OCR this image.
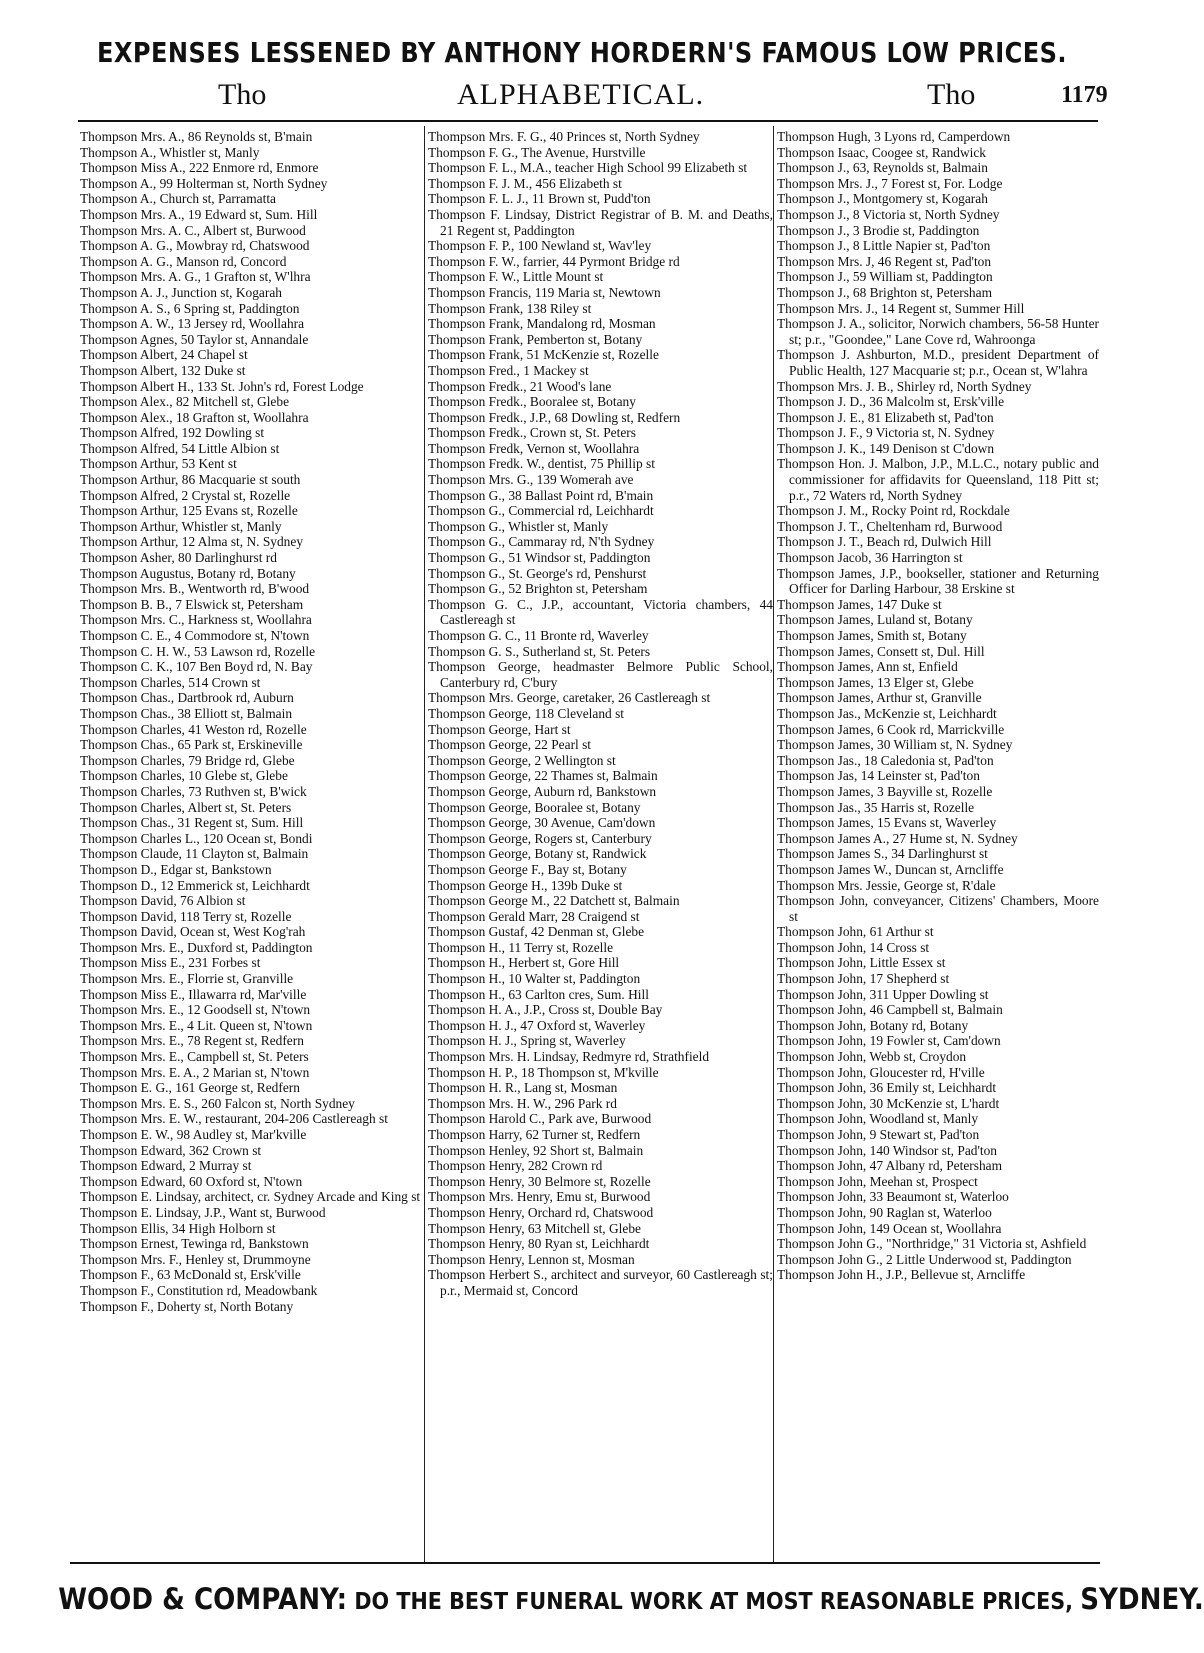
EXPENSES LESSENED BY ANTHONY HORDERN'S FAMOUS LOW PRICES.
Tho	ALPHABETICAL.	Tho	1179

Thompson Mrs. A., 86 Reynolds st, B'main

Thompson A., Whistler st, Manly

Thompson Miss A., 222 Enmore rd, Enmore

Thompson A., 99 Holterman st, North Sydney

Thompson A., Church st, Parramatta

Thompson Mrs. A., 19 Edward st, Sum. Hill

Thompson Mrs. A. C., Albert st, Burwood

Thompson A. G., Mowbray rd, Chatswood

Thompson A. G., Manson rd, Concord

Thompson Mrs. A. G., 1 Grafton st, W'lhra

Thompson A. J., Junction st, Kogarah

Thompson A. S., 6 Spring st, Paddington

Thompson A. W., 13 Jersey rd, Woollahra

Thompson Agnes, 50 Taylor st, Annandale

Thompson Albert, 24 Chapel st

Thompson Albert, 132 Duke st

Thompson Albert H., 133 St. John's rd, Forest Lodge

Thompson Alex., 82 Mitchell st, Glebe

Thompson Alex., 18 Grafton st, Woollahra

Thompson Alfred, 192 Dowling st

Thompson Alfred, 54 Little Albion st

Thompson Arthur, 53 Kent st

Thompson Arthur, 86 Macquarie st south

Thompson Alfred, 2 Crystal st, Rozelle

Thompson Arthur, 125 Evans st, Rozelle

Thompson Arthur, Whistler st, Manly

Thompson Arthur, 12 Alma st, N. Sydney

Thompson Asher, 80 Darlinghurst rd

Thompson Augustus, Botany rd, Botany

Thompson Mrs. B., Wentworth rd, B'wood

Thompson B. B., 7 Elswick st, Petersham

Thompson Mrs. C., Harkness st, Woollahra

Thompson C. E., 4 Commodore st, N'town

Thompson C. H. W., 53 Lawson rd, Rozelle

Thompson C. K., 107 Ben Boyd rd, N. Bay

Thompson Charles, 514 Crown st

Thompson Chas., Dartbrook rd, Auburn

Thompson Chas., 38 Elliott st, Balmain

Thompson Charles, 41 Weston rd, Rozelle

Thompson Chas., 65 Park st, Erskineville

Thompson Charles, 79 Bridge rd, Glebe

Thompson Charles, 10 Glebe st, Glebe

Thompson Charles, 73 Ruthven st, B'wick

Thompson Charles, Albert st, St. Peters

Thompson Chas., 31 Regent st, Sum. Hill

Thompson Charles L., 120 Ocean st, Bondi

Thompson Claude, 11 Clayton st, Balmain

Thompson D., Edgar st, Bankstown

Thompson D., 12 Emmerick st, Leichhardt

Thompson David, 76 Albion st

Thompson David, 118 Terry st, Rozelle

Thompson David, Ocean st, West Kog'rah

Thompson Mrs. E., Duxford st, Paddington

Thompson Miss E., 231 Forbes st

Thompson Mrs. E., Florrie st, Granville

Thompson Miss E., Illawarra rd, Mar'ville

Thompson Mrs. E., 12 Goodsell st, N'town

Thompson Mrs. E., 4 Lit. Queen st, N'town

Thompson Mrs. E., 78 Regent st, Redfern

Thompson Mrs. E., Campbell st, St. Peters

Thompson Mrs. E. A., 2 Marian st, N'town

Thompson E. G., 161 George st, Redfern

Thompson Mrs. E. S., 260 Falcon st, North Sydney

Thompson Mrs. E. W., restaurant, 204-206 Castlereagh st

Thompson E. W., 98 Audley st, Mar'kville

Thompson Edward, 362 Crown st

Thompson Edward, 2 Murray st

Thompson Edward, 60 Oxford st, N'town

Thompson E. Lindsay, architect, cr. Sydney Arcade and King st

Thompson E. Lindsay, J.P., Want st, Burwood

Thompson Ellis, 34 High Holborn st

Thompson Ernest, Tewinga rd, Bankstown

Thompson Mrs. F., Henley st, Drummoyne

Thompson F., 63 McDonald st, Ersk'ville

Thompson F., Constitution rd, Meadowbank

Thompson F., Doherty st, North Botany

Thompson Mrs. F. G., 40 Princes st, North Sydney

Thompson F. G., The Avenue, Hurstville

Thompson F. L., M.A., teacher High School 99 Elizabeth st

Thompson F. J. M., 456 Elizabeth st

Thompson F. L. J., 11 Brown st, Pudd'ton

Thompson F. Lindsay, District Registrar of B. M. and Deaths, 21 Regent st, Paddington

Thompson F. P., 100 Newland st, Wav'ley

Thompson F. W., farrier, 44 Pyrmont Bridge rd

Thompson F. W., Little Mount st

Thompson Francis, 119 Maria st, Newtown

Thompson Frank, 138 Riley st

Thompson Frank, Mandalong rd, Mosman

Thompson Frank, Pemberton st, Botany

Thompson Frank, 51 McKenzie st, Rozelle

Thompson Fred., 1 Mackey st

Thompson Fredk., 21 Wood's lane

Thompson Fredk., Booralee st, Botany

Thompson Fredk., J.P., 68 Dowling st, Redfern

Thompson Fredk., Crown st, St. Peters

Thompson Fredk, Vernon st, Woollahra

Thompson Fredk. W., dentist, 75 Phillip st

Thompson Mrs. G., 139 Womerah ave

Thompson G., 38 Ballast Point rd, B'main

Thompson G., Commercial rd, Leichhardt

Thompson G., Whistler st, Manly

Thompson G., Cammaray rd, N'th Sydney

Thompson G., 51 Windsor st, Paddington

Thompson G., St. George's rd, Penshurst

Thompson G., 52 Brighton st, Petersham

Thompson G. C., J.P., accountant, Victoria chambers, 44 Castlereagh st

Thompson G. C., 11 Bronte rd, Waverley

Thompson G. S., Sutherland st, St. Peters

Thompson George, headmaster Belmore Public School, Canterbury rd, C'bury

Thompson Mrs. George, caretaker, 26 Castlereagh st

Thompson George, 118 Cleveland st

Thompson George, Hart st

Thompson George, 22 Pearl st

Thompson George, 2 Wellington st

Thompson George, 22 Thames st, Balmain

Thompson George, Auburn rd, Bankstown

Thompson George, Booralee st, Botany

Thompson George, 30 Avenue, Cam'down

Thompson George, Rogers st, Canterbury

Thompson George, Botany st, Randwick

Thompson George F., Bay st, Botany

Thompson George H., 139b Duke st

Thompson George M., 22 Datchett st, Balmain

Thompson Gerald Marr, 28 Craigend st

Thompson Gustaf, 42 Denman st, Glebe

Thompson H., 11 Terry st, Rozelle

Thompson H., Herbert st, Gore Hill

Thompson H., 10 Walter st, Paddington

Thompson H., 63 Carlton cres, Sum. Hill

Thompson H. A., J.P., Cross st, Double Bay

Thompson H. J., 47 Oxford st, Waverley

Thompson H. J., Spring st, Waverley

Thompson Mrs. H. Lindsay, Redmyre rd, Strathfield

Thompson H. P., 18 Thompson st, M'kville

Thompson H. R., Lang st, Mosman

Thompson Mrs. H. W., 296 Park rd

Thompson Harold C., Park ave, Burwood

Thompson Harry, 62 Turner st, Redfern

Thompson Henley, 92 Short st, Balmain

Thompson Henry, 282 Crown rd

Thompson Henry, 30 Belmore st, Rozelle

Thompson Mrs. Henry, Emu st, Burwood

Thompson Henry, Orchard rd, Chatswood

Thompson Henry, 63 Mitchell st, Glebe

Thompson Henry, 80 Ryan st, Leichhardt

Thompson Henry, Lennon st, Mosman

Thompson Herbert S., architect and surveyor, 60 Castlereagh st; p.r., Mermaid st, Concord

Thompson Hugh, 3 Lyons rd, Camperdown

Thompson Isaac, Coogee st, Randwick

Thompson J., 63, Reynolds st, Balmain

Thompson Mrs. J., 7 Forest st, For. Lodge

Thompson J., Montgomery st, Kogarah

Thompson J., 8 Victoria st, North Sydney

Thompson J., 3 Brodie st, Paddington

Thompson J., 8 Little Napier st, Pad'ton

Thompson Mrs. J, 46 Regent st, Pad'ton

Thompson J., 59 William st, Paddington

Thompson J., 68 Brighton st, Petersham

Thompson Mrs. J., 14 Regent st, Summer Hill

Thompson J. A., solicitor, Norwich chambers, 56-58 Hunter st; p.r., "Goondee," Lane Cove rd, Wahroonga

Thompson J. Ashburton, M.D., president Department of Public Health, 127 Macquarie st; p.r., Ocean st, W'lahra

Thompson Mrs. J. B., Shirley rd, North Sydney

Thompson J. D., 36 Malcolm st, Ersk'ville

Thompson J. E., 81 Elizabeth st, Pad'ton

Thompson J. F., 9 Victoria st, N. Sydney

Thompson J. K., 149 Denison st C'down

Thompson Hon. J. Malbon, J.P., M.L.C., notary public and commissioner for affidavits for Queensland, 118 Pitt st; p.r., 72 Waters rd, North Sydney

Thompson J. M., Rocky Point rd, Rockdale

Thompson J. T., Cheltenham rd, Burwood

Thompson J. T., Beach rd, Dulwich Hill

Thompson Jacob, 36 Harrington st

Thompson James, J.P., bookseller, stationer and Returning Officer for Darling Harbour, 38 Erskine st

Thompson James, 147 Duke st

Thompson James, Luland st, Botany

Thompson James, Smith st, Botany

Thompson James, Consett st, Dul. Hill

Thompson James, Ann st, Enfield

Thompson James, 13 Elger st, Glebe

Thompson James, Arthur st, Granville

Thompson Jas., McKenzie st, Leichhardt

Thompson James, 6 Cook rd, Marrickville

Thompson James, 30 William st, N. Sydney

Thompson Jas., 18 Caledonia st, Pad'ton

Thompson Jas, 14 Leinster st, Pad'ton

Thompson James, 3 Bayville st, Rozelle

Thompson Jas., 35 Harris st, Rozelle

Thompson James, 15 Evans st, Waverley

Thompson James A., 27 Hume st, N. Sydney

Thompson James S., 34 Darlinghurst st

Thompson James W., Duncan st, Arncliffe

Thompson Mrs. Jessie, George st, R'dale

Thompson John, conveyancer, Citizens' Chambers, Moore st

Thompson John, 61 Arthur st

Thompson John, 14 Cross st

Thompson John, Little Essex st

Thompson John, 17 Shepherd st

Thompson John, 311 Upper Dowling st

Thompson John, 46 Campbell st, Balmain

Thompson John, Botany rd, Botany

Thompson John, 19 Fowler st, Cam'down

Thompson John, Webb st, Croydon

Thompson John, Gloucester rd, H'ville

Thompson John, 36 Emily st, Leichhardt

Thompson John, 30 McKenzie st, L'hardt

Thompson John, Woodland st, Manly

Thompson John, 9 Stewart st, Pad'ton

Thompson John, 140 Windsor st, Pad'ton

Thompson John, 47 Albany rd, Petersham

Thompson John, Meehan st, Prospect

Thompson John, 33 Beaumont st, Waterloo

Thompson John, 90 Raglan st, Waterloo

Thompson John, 149 Ocean st, Woollahra

Thompson John G., "Northridge," 31 Victoria st, Ashfield

Thompson John G., 2 Little Underwood st, Paddington

Thompson John H., J.P., Bellevue st, Arncliffe

WOOD & COMPANY: DO THE BEST FUNERAL WORK AT MOST REASONABLE PRICES, SYDNEY.
